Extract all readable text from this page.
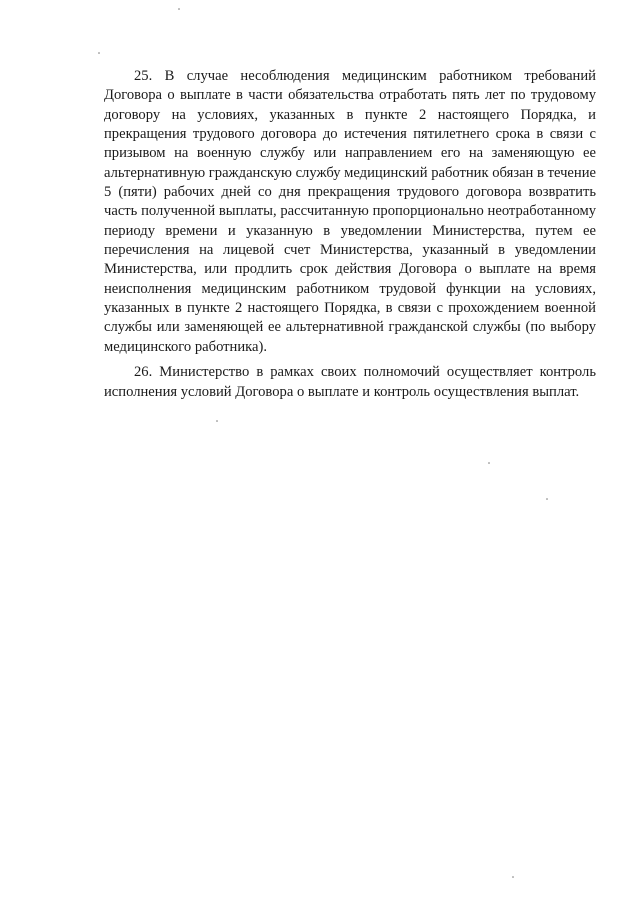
25. В случае несоблюдения медицинским работником требований Договора о выплате в части обязательства отработать пять лет по трудовому договору на условиях, указанных в пункте 2 настоящего Порядка, и прекращения трудового договора до истечения пятилетнего срока в связи с призывом на военную службу или направлением его на заменяющую ее альтернативную гражданскую службу медицинский работник обязан в течение 5 (пяти) рабочих дней со дня прекращения трудового договора возвратить часть полученной выплаты, рассчитанную пропорционально неотработанному периоду времени и указанную в уведомлении Министерства, путем ее перечисления на лицевой счет Министерства, указанный в уведомлении Министерства, или продлить срок действия Договора о выплате на время неисполнения медицинским работником трудовой функции на условиях, указанных в пункте 2 настоящего Порядка, в связи с прохождением военной службы или заменяющей ее альтернативной гражданской службы (по выбору медицинского работника).

26. Министерство в рамках своих полномочий осуществляет контроль исполнения условий Договора о выплате и контроль осуществления выплат.
